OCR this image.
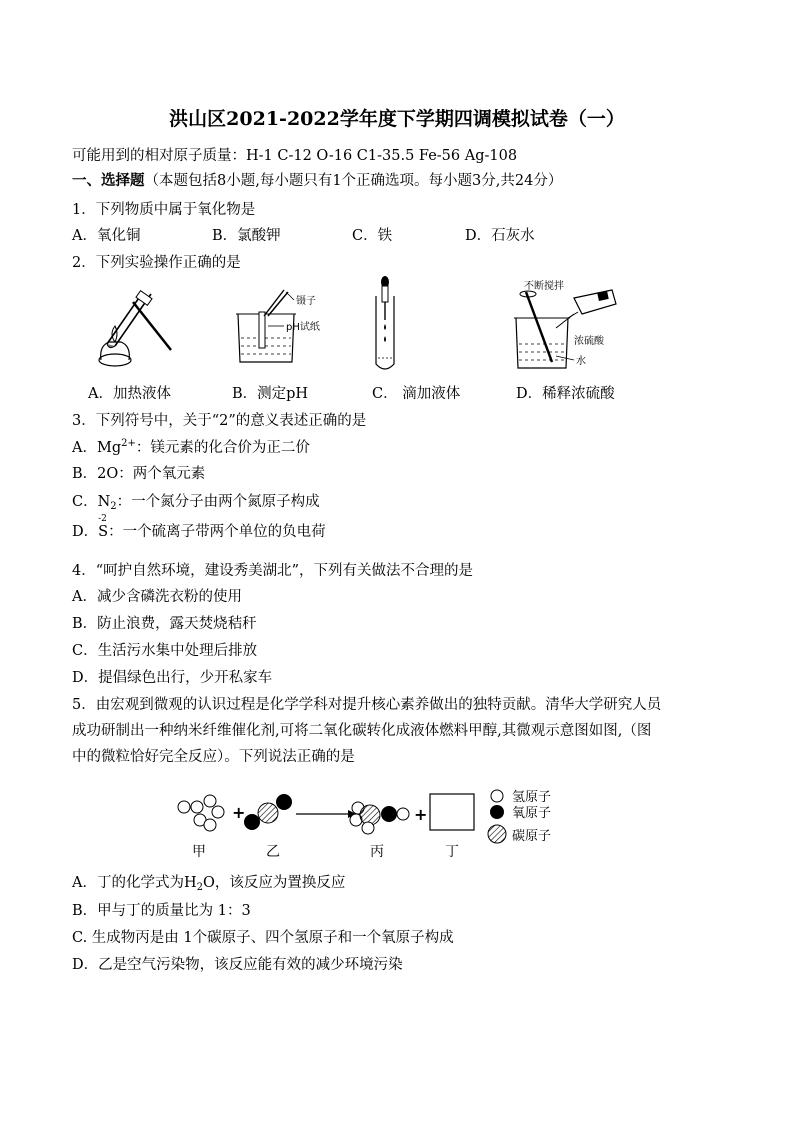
洪山区2021-2022学年度下学期四调模拟试卷（一）
可能用到的相对原子质量：H-1 C-12 O-16 C1-35.5 Fe-56 Ag-108
一、选择题（本题包括8小题,每小题只有1个正确选项。每小题3分,共24分）
1．下列物质中属于氧化物是
A．氧化铜	B．氯酸钾	C．铁	D．石灰水
2．下列实验操作正确的是
镊子
pH试纸
不断搅拌
浓硫酸
水
A．加热液体	B．测定pH	C． 滴加液体	D．稀释浓硫酸
3．下列符号中，关于“2”的意义表述正确的是
A．$Mg^{2+}$：镁元素的化合价为正二价
B．2O：两个氧元素
C．$N_2$：一个氮分子由两个氮原子构成
D．
-2
S：一个硫离子带两个单位的负电荷
4．“呵护自然环境，建设秀美湖北”，下列有关做法不合理的是
A．减少含磷洗衣粉的使用
B．防止浪费，露天焚烧秸秆
C．生活污水集中处理后排放
D．提倡绿色出行，少开私家车
5．由宏观到微观的认识过程是化学学科对提升核心素养做出的独特贡献。清华大学研究人员
成功研制出一种纳米纤维催化剂,可将二氧化碳转化成液体燃料甲醇,其微观示意图如图,（图
中的微粒恰好完全反应）。下列说法正确的是
+	+
甲	乙	丙	丁
氢原子
氧原子
碳原子
A．丁的化学式为$H_2O$，该反应为置换反应
B．甲与丁的质量比为 1：3
C. 生成物丙是由 1个碳原子、四个氢原子和一个氧原子构成
D．乙是空气污染物，该反应能有效的减少环境污染
